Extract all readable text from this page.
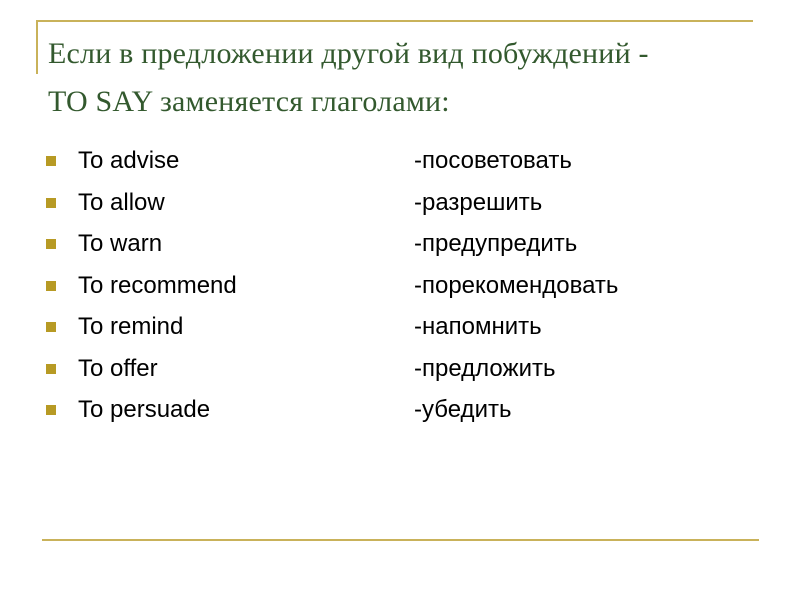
Если в предложении другой вид побуждений -
TO SAY заменяется глаголами:
To advise	-посоветовать
To allow	-разрешить
To warn	-предупредить
To recommend	-порекомендовать
To remind	-напомнить
To offer	-предложить
To persuade	-убедить
